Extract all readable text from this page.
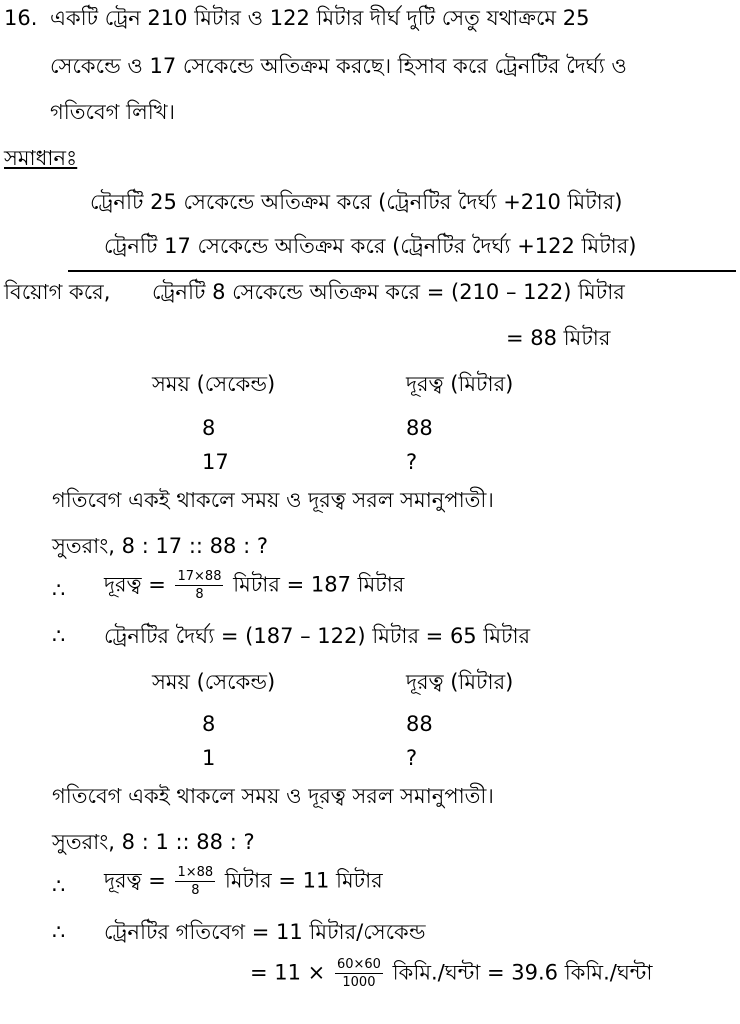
16. একটি ট্রেন 210 মিটার ও 122 মিটার দীর্ঘ দুটি সেতু যথাক্রমে 25
সেকেন্ডে ও 17 সেকেন্ডে অতিক্রম করছে। হিসাব করে ট্রেনটির দৈর্ঘ্য ও
গতিবেগ লিখি।
সমাধানঃ
ট্রেনটি 25 সেকেন্ডে অতিক্রম করে (ট্রেনটির দৈর্ঘ্য +210 মিটার)
ট্রেনটি 17 সেকেন্ডে অতিক্রম করে (ট্রেনটির দৈর্ঘ্য +122 মিটার)
বিয়োগ করে, ট্রেনটি 8 সেকেন্ডে অতিক্রম করে = (210 – 122) মিটার
= 88 মিটার
সময় (সেকেন্ড)	দূরত্ব (মিটার)
8	88
17	?
গতিবেগ একই থাকলে সময় ও দূরত্ব সরল সমানুপাতী।
সুতরাং, 8 : 17 :: 88 : ?
∴ দূরত্ব = $\frac{17\times 88}{8}$ মিটার = 187 মিটার
∴ ট্রেনটির দৈর্ঘ্য = (187 – 122) মিটার = 65 মিটার
সময় (সেকেন্ড)	দূরত্ব (মিটার)
8	88
1	?
গতিবেগ একই থাকলে সময় ও দূরত্ব সরল সমানুপাতী।
সুতরাং, 8 : 1 :: 88 : ?
∴ দূরত্ব = $\frac{1\times 88}{8}$ মিটার = 11 মিটার
∴ ট্রেনটির গতিবেগ = 11 মিটার/সেকেন্ড
= $11 \times \frac{60\times 60}{1000}$ কিমি./ঘন্টা = 39.6 কিমি./ঘন্টা
